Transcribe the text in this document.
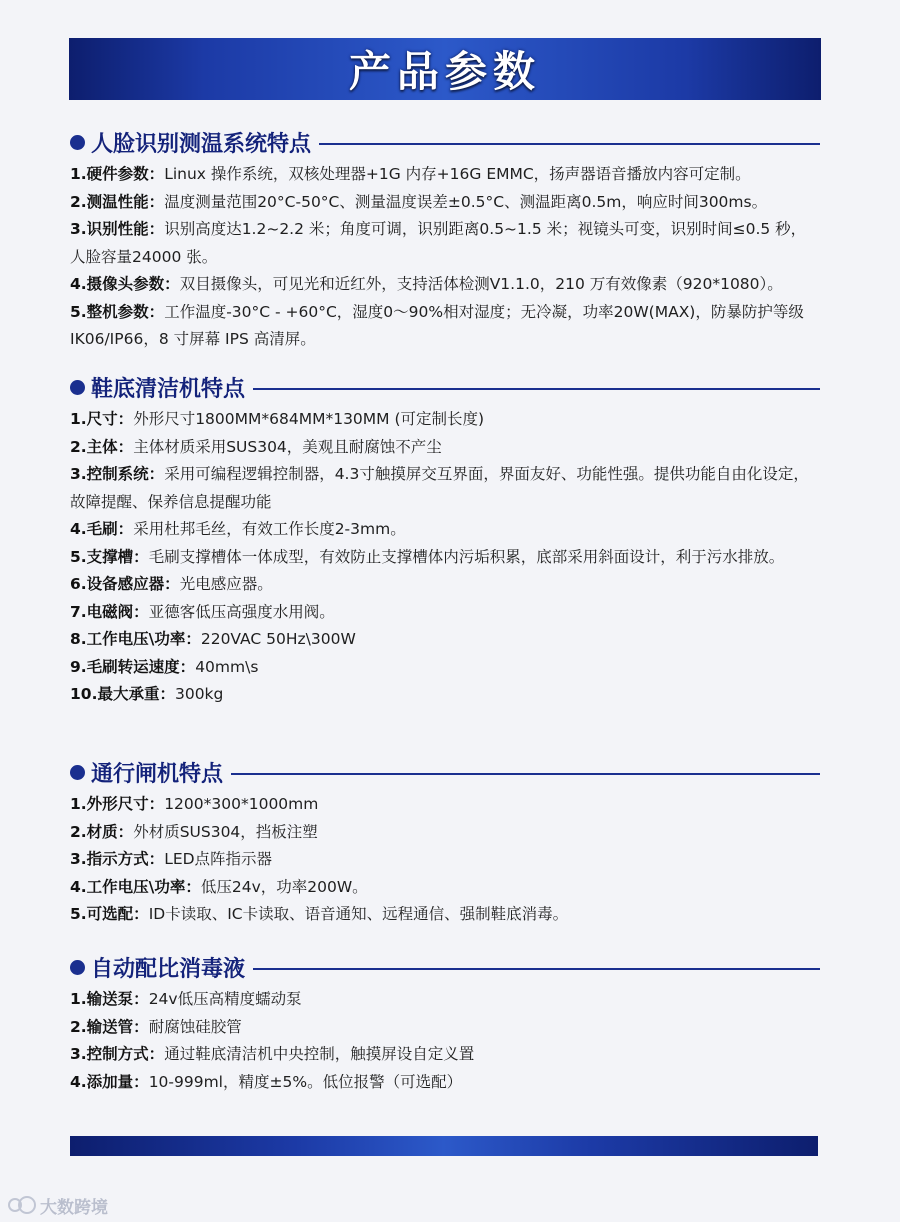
产品参数
人脸识别测温系统特点
1.硬件参数：Linux 操作系统，双核处理器+1G 内存+16G EMMC，扬声器语音播放内容可定制。
2.测温性能：温度测量范围20°C-50°C、测量温度误差±0.5°C、测温距离0.5m，响应时间300ms。
3.识别性能：识别高度达1.2~2.2 米；角度可调，识别距离0.5~1.5 米；视镜头可变，识别时间≤0.5 秒，人脸容量24000 张。
4.摄像头参数：双目摄像头，可见光和近红外，支持活体检测V1.1.0，210 万有效像素（920*1080）。
5.整机参数：工作温度-30°C - +60°C，湿度0～90%相对湿度；无冷凝，功率20W(MAX)，防暴防护等级IK06/IP66，8 寸屏幕 IPS 高清屏。
鞋底清洁机特点
1.尺寸：外形尺寸1800MM*684MM*130MM (可定制长度)
2.主体：主体材质采用SUS304，美观且耐腐蚀不产尘
3.控制系统：采用可编程逻辑控制器，4.3寸触摸屏交互界面，界面友好、功能性强。提供功能自由化设定，故障提醒、保养信息提醒功能
4.毛刷：采用杜邦毛丝，有效工作长度2-3mm。
5.支撑槽：毛刷支撑槽体一体成型，有效防止支撑槽体内污垢积累，底部采用斜面设计，利于污水排放。
6.设备感应器：光电感应器。
7.电磁阀：亚德客低压高强度水用阀。
8.工作电压\功率：220VAC 50Hz\300W
9.毛刷转运速度：40mm\s
10.最大承重：300kg
通行闸机特点
1.外形尺寸：1200*300*1000mm
2.材质：外材质SUS304，挡板注塑
3.指示方式：LED点阵指示器
4.工作电压\功率：低压24v，功率200W。
5.可选配：ID卡读取、IC卡读取、语音通知、远程通信、强制鞋底消毒。
自动配比消毒液
1.输送泵：24v低压高精度蠕动泵
2.输送管：耐腐蚀硅胶管
3.控制方式：通过鞋底清洁机中央控制，触摸屏设自定义置
4.添加量：10-999ml，精度±5%。低位报警（可选配）
大数跨境
